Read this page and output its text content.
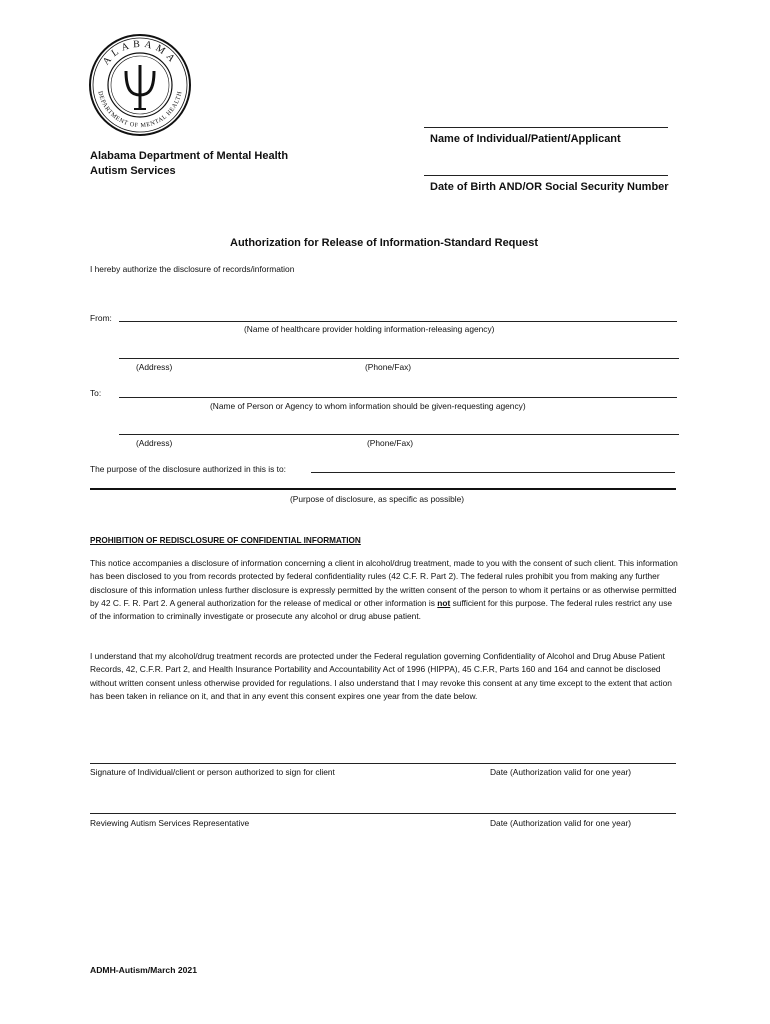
ALABAMA
DEPARTMENT OF MENTAL HEALTH
Name of Individual/Patient/Applicant
Date of Birth AND/OR Social Security Number
Alabama Department of Mental Health
Autism Services
Authorization for Release of Information-Standard Request
I hereby authorize the disclosure of records/information
From:
(Name of healthcare provider holding information-releasing agency)
(Address)	(Phone/Fax)
To:
(Name of Person or Agency to whom information should be given-requesting agency)
(Address)	(Phone/Fax)
The purpose of the disclosure authorized in this is to:
(Purpose of disclosure, as specific as possible)
PROHIBITION OF REDISCLOSURE OF CONFIDENTIAL INFORMATION
This notice accompanies a disclosure of information concerning a client in alcohol/drug treatment, made to you with the consent of such client. This information has been disclosed to you from records protected by federal confidentiality rules (42 C.F. R. Part 2). The federal rules prohibit you from making any further disclosure of this information unless further disclosure is expressly permitted by the written consent of the person to whom it pertains or as otherwise permitted by 42 C. F. R. Part 2. A general authorization for the release of medical or other information is not sufficient for this purpose. The federal rules restrict any use of the information to criminally investigate or prosecute any alcohol or drug abuse patient.
I understand that my alcohol/drug treatment records are protected under the Federal regulation governing Confidentiality of Alcohol and Drug Abuse Patient Records, 42, C.F.R. Part 2, and Health Insurance Portability and Accountability Act of 1996 (HIPPA), 45 C.F.R, Parts 160 and 164 and cannot be disclosed without written consent unless otherwise provided for regulations. I also understand that I may revoke this consent at any time except to the extent that action has been taken in reliance on it, and that in any event this consent expires one year from the date below.
Signature of Individual/client or person authorized to sign for client	Date (Authorization valid for one year)
Reviewing Autism Services Representative	Date (Authorization valid for one year)
ADMH-Autism/March 2021
